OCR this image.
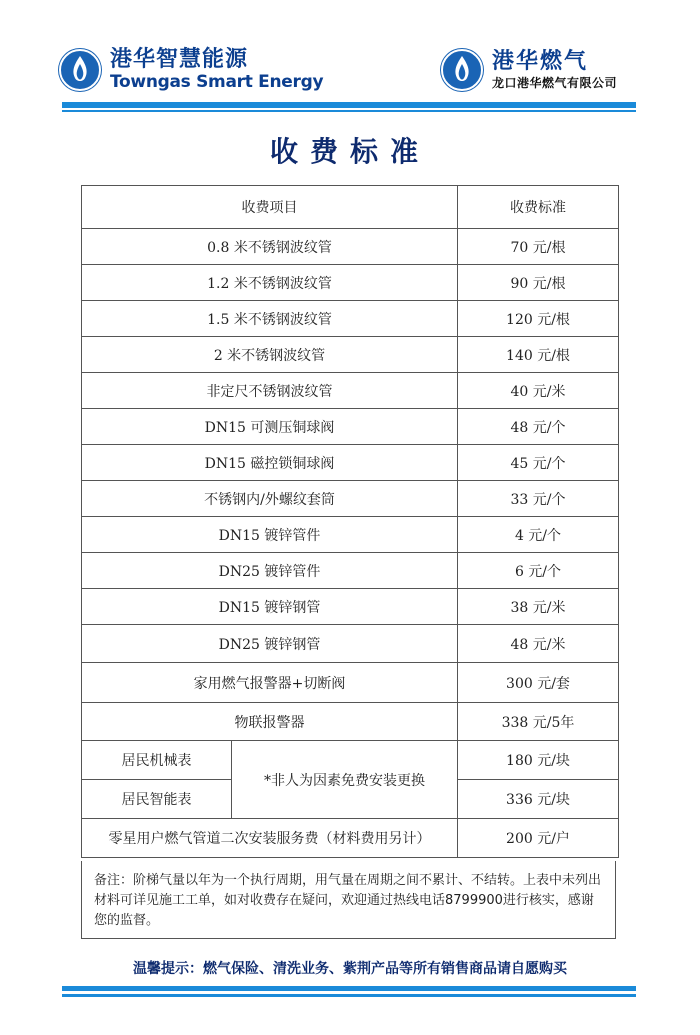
港华智慧能源
Towngas Smart Energy
港华燃气
龙口港华燃气有限公司
收费标准
收费项目		收费标准
0.8 米不锈钢波纹管		70 元/根
1.2 米不锈钢波纹管		90 元/根
1.5 米不锈钢波纹管		120 元/根
2 米不锈钢波纹管		140 元/根
非定尺不锈钢波纹管		40 元/米
DN15 可测压铜球阀		48 元/个
DN15 磁控锁铜球阀		45 元/个
不锈钢内/外螺纹套筒		33 元/个
DN15 镀锌管件		4 元/个
DN25 镀锌管件		6 元/个
DN15 镀锌钢管		38 元/米
DN25 镀锌钢管		48 元/米
家用燃气报警器+切断阀		300 元/套
物联报警器		338 元/5年
居民机械表	*非人为因素免费安装更换	180 元/块
居民智能表		336 元/块
零星用户燃气管道二次安装服务费（材料费用另计）		200 元/户
备注：阶梯气量以年为一个执行周期，用气量在周期之间不累计、不结转。上表中未列出材料可详见施工工单，如对收费存在疑问，欢迎通过热线电话8799900进行核实，感谢您的监督。
温馨提示：燃气保险、清洗业务、紫荆产品等所有销售商品请自愿购买
